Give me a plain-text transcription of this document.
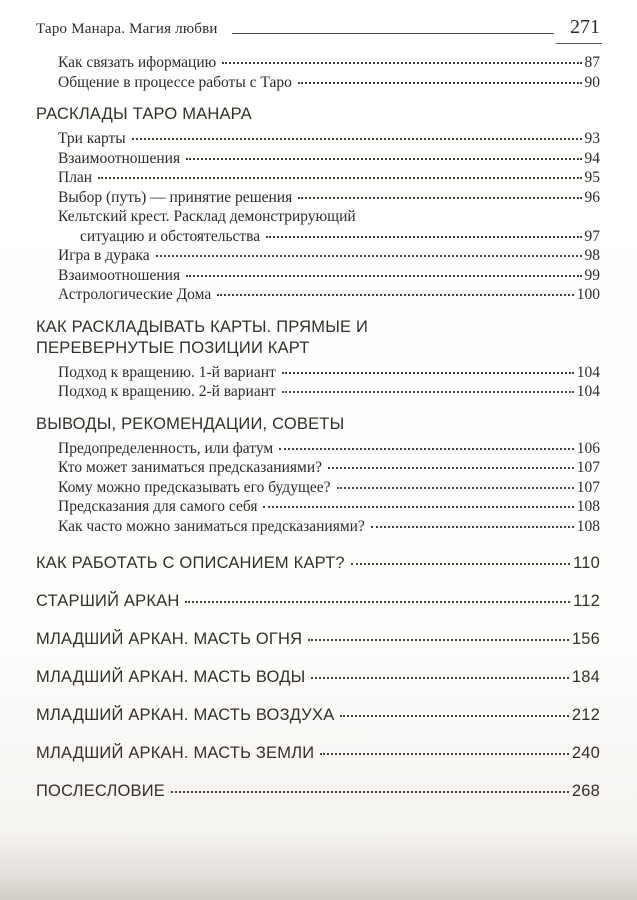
Таро Манара. Магия любви	271
Как связать иформацию	87
Общение в процессе работы с Таро	90
РАСКЛАДЫ ТАРО МАНАРА
Три карты	93
Взаимоотношения	94
План	95
Выбор (путь) — принятие решения	96
Кельтский крест. Расклад демонстрирующий
ситуацию и обстоятельства	97
Игра в дурака	98
Взаимоотношения	99
Астрологические Дома	100
КАК РАСКЛАДЫВАТЬ КАРТЫ. ПРЯМЫЕ И
ПЕРЕВЕРНУТЫЕ ПОЗИЦИИ КАРТ
Подход к вращению. 1-й вариант	104
Подход к вращению. 2-й вариант	104
ВЫВОДЫ, РЕКОМЕНДАЦИИ, СОВЕТЫ
Предопределенность, или фатум	106
Кто может заниматься предсказаниями?	107
Кому можно предсказывать его будущее?	107
Предсказания для самого себя	108
Как часто можно заниматься предсказаниями?	108
КАК РАБОТАТЬ С ОПИСАНИЕМ КАРТ?	110
СТАРШИЙ АРКАН	112
МЛАДШИЙ АРКАН. МАСТЬ ОГНЯ	156
МЛАДШИЙ АРКАН. МАСТЬ ВОДЫ	184
МЛАДШИЙ АРКАН. МАСТЬ ВОЗДУХА	212
МЛАДШИЙ АРКАН. МАСТЬ ЗЕМЛИ	240
ПОСЛЕСЛОВИЕ	268
